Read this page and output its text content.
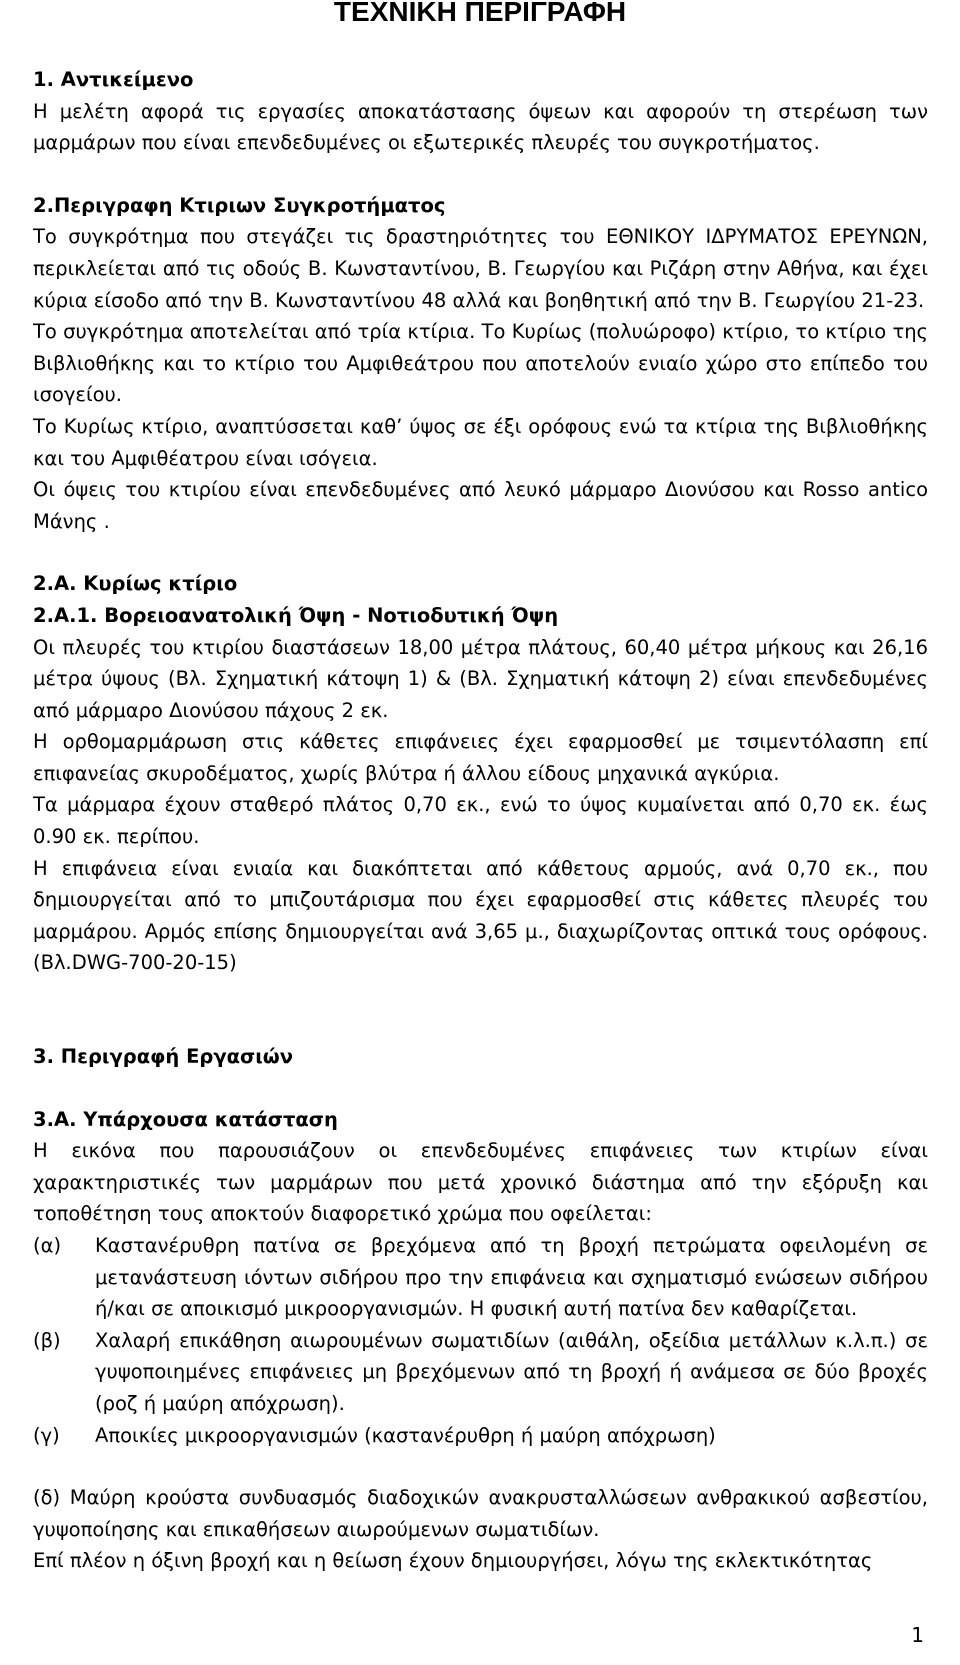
ΤΕΧΝΙΚΗ ΠΕΡΙΓΡΑΦΗ
1. Αντικείμενο

Η μελέτη αφορά τις εργασίες αποκατάστασης όψεων και αφορούν τη στερέωση των μαρμάρων που είναι επενδεδυμένες οι εξωτερικές πλευρές του συγκροτήματος.

2.Περιγραφη Κτιριων Συγκροτήματος

Το συγκρότημα που στεγάζει τις δραστηριότητες του ΕΘΝΙΚΟΥ ΙΔΡΥΜΑΤΟΣ ΕΡΕΥΝΩΝ, περικλείεται από τις οδούς Β. Κωνσταντίνου, Β. Γεωργίου και Ριζάρη στην Αθήνα, και έχει κύρια είσοδο από την Β. Κωνσταντίνου 48 αλλά και βοηθητική από την Β. Γεωργίου 21-23.

Το συγκρότημα αποτελείται από τρία κτίρια. Το Κυρίως (πολυώροφο) κτίριο, το κτίριο της Βιβλιοθήκης και το κτίριο του Αμφιθεάτρου που αποτελούν ενιαίο χώρο στο επίπεδο του ισογείου.

Το Κυρίως κτίριο, αναπτύσσεται καθ’ ύψος σε έξι ορόφους ενώ τα κτίρια της Βιβλιοθήκης και του Αμφιθέατρου είναι ισόγεια.

Οι όψεις του κτιρίου είναι επενδεδυμένες από λευκό μάρμαρο Διονύσου και Rosso antico Μάνης .

2.Α. Κυρίως κτίριο
2.Α.1. Βορειοανατολική Όψη - Νοτιοδυτική Όψη

Οι πλευρές του κτιρίου διαστάσεων 18,00 μέτρα πλάτους, 60,40 μέτρα μήκους και 26,16 μέτρα ύψους (Βλ. Σχηματική κάτοψη 1) & (Βλ. Σχηματική κάτοψη 2) είναι επενδεδυμένες από μάρμαρο Διονύσου πάχους 2 εκ.

Η ορθομαρμάρωση στις κάθετες επιφάνειες έχει εφαρμοσθεί με τσιμεντόλασπη επί επιφανείας σκυροδέματος, χωρίς βλύτρα ή άλλου είδους μηχανικά αγκύρια.

Τα μάρμαρα έχουν σταθερό πλάτος 0,70 εκ., ενώ το ύψος κυμαίνεται από 0,70 εκ. έως 0.90 εκ. περίπου.

Η επιφάνεια είναι ενιαία και διακόπτεται από κάθετους αρμούς, ανά 0,70 εκ., που δημιουργείται από το μπιζουτάρισμα που έχει εφαρμοσθεί στις κάθετες πλευρές του μαρμάρου. Αρμός επίσης δημιουργείται ανά 3,65 μ., διαχωρίζοντας οπτικά τους ορόφους. (Βλ.DWG-700-20-15)

3. Περιγραφή Εργασιών
3.Α. Υπάρχουσα κατάσταση

Η εικόνα που παρουσιάζουν οι επενδεδυμένες επιφάνειες των κτιρίων είναι χαρακτηριστικές των μαρμάρων που μετά χρονικό διάστημα από την εξόρυξη και τοποθέτηση τους αποκτούν διαφορετικό χρώμα που οφείλεται:

(α)	Καστανέρυθρη πατίνα σε βρεχόμενα από τη βροχή πετρώματα οφειλομένη σε μετανάστευση ιόντων σιδήρου προ την επιφάνεια και σχηματισμό ενώσεων σιδήρου ή/και σε αποικισμό μικροοργανισμών. Η φυσική αυτή πατίνα δεν καθαρίζεται.
(β)	Χαλαρή επικάθηση αιωρουμένων σωματιδίων (αιθάλη, οξείδια μετάλλων κ.λ.π.) σε γυψοποιημένες επιφάνειες μη βρεχόμενων από τη βροχή ή ανάμεσα σε δύο βροχές (ροζ ή μαύρη απόχρωση).
(γ)	Αποικίες μικροοργανισμών (καστανέρυθρη ή μαύρη απόχρωση)

(δ) Μαύρη κρούστα συνδυασμός διαδοχικών ανακρυσταλλώσεων ανθρακικού ασβεστίου, γυψοποίησης και επικαθήσεων αιωρούμενων σωματιδίων.

Επί πλέον η όξινη βροχή και η θείωση έχουν δημιουργήσει, λόγω της εκλεκτικότητας

1
